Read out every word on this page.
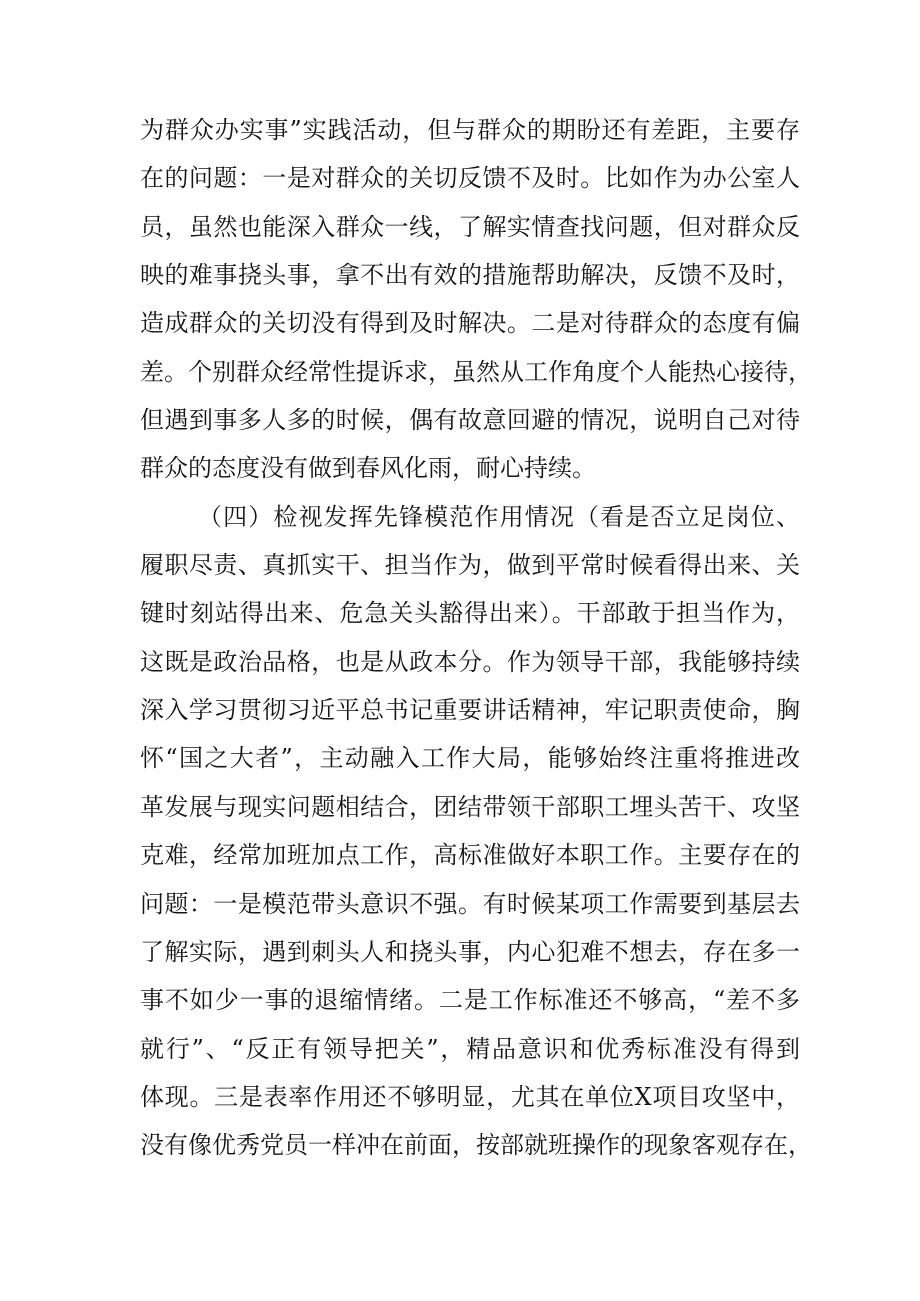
为群众办实事”实践活动，但与群众的期盼还有差距，主要存
在的问题：一是对群众的关切反馈不及时。比如作为办公室人
员，虽然也能深入群众一线，了解实情查找问题，但对群众反
映的难事挠头事，拿不出有效的措施帮助解决，反馈不及时，
造成群众的关切没有得到及时解决。二是对待群众的态度有偏
差。个别群众经常性提诉求，虽然从工作角度个人能热心接待，
但遇到事多人多的时候，偶有故意回避的情况，说明自己对待
群众的态度没有做到春风化雨，耐心持续。
（四）检视发挥先锋模范作用情况（看是否立足岗位、
履职尽责、真抓实干、担当作为，做到平常时候看得出来、关
键时刻站得出来、危急关头豁得出来）。干部敢于担当作为，
这既是政治品格，也是从政本分。作为领导干部，我能够持续
深入学习贯彻习近平总书记重要讲话精神，牢记职责使命，胸
怀“国之大者”，主动融入工作大局，能够始终注重将推进改
革发展与现实问题相结合，团结带领干部职工埋头苦干、攻坚
克难，经常加班加点工作，高标准做好本职工作。主要存在的
问题：一是模范带头意识不强。有时候某项工作需要到基层去
了解实际，遇到刺头人和挠头事，内心犯难不想去，存在多一
事不如少一事的退缩情绪。二是工作标准还不够高，“差不多
就行”、“反正有领导把关”，精品意识和优秀标准没有得到
体现。三是表率作用还不够明显，尤其在单位X项目攻坚中，
没有像优秀党员一样冲在前面，按部就班操作的现象客观存在，
